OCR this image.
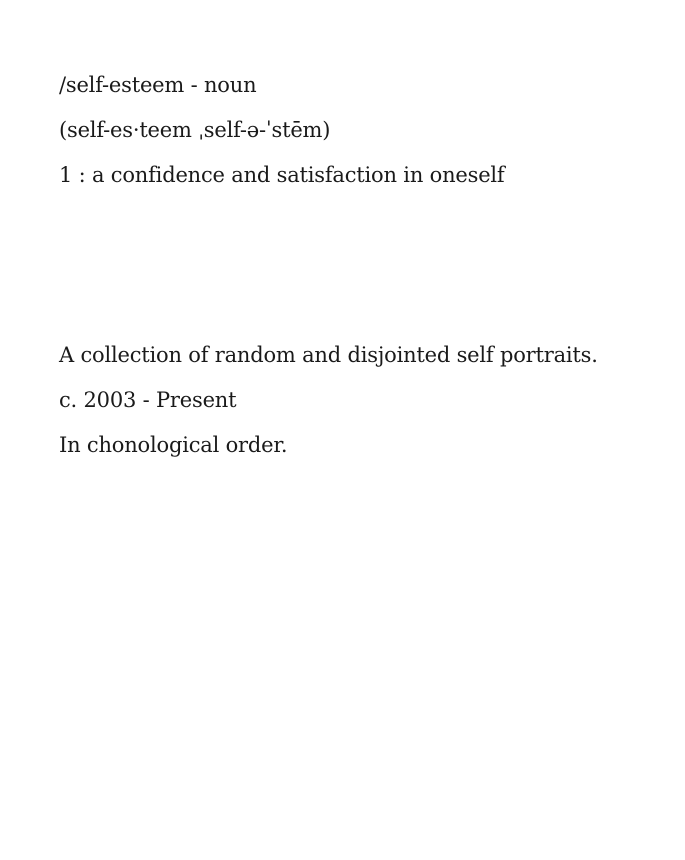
/self-esteem - noun

(self-es·teem ˌself-ə-ˈstēm)

1 : a confidence and satisfaction in oneself

A collection of random and disjointed self portraits.

c. 2003 - Present

In chonological order.
